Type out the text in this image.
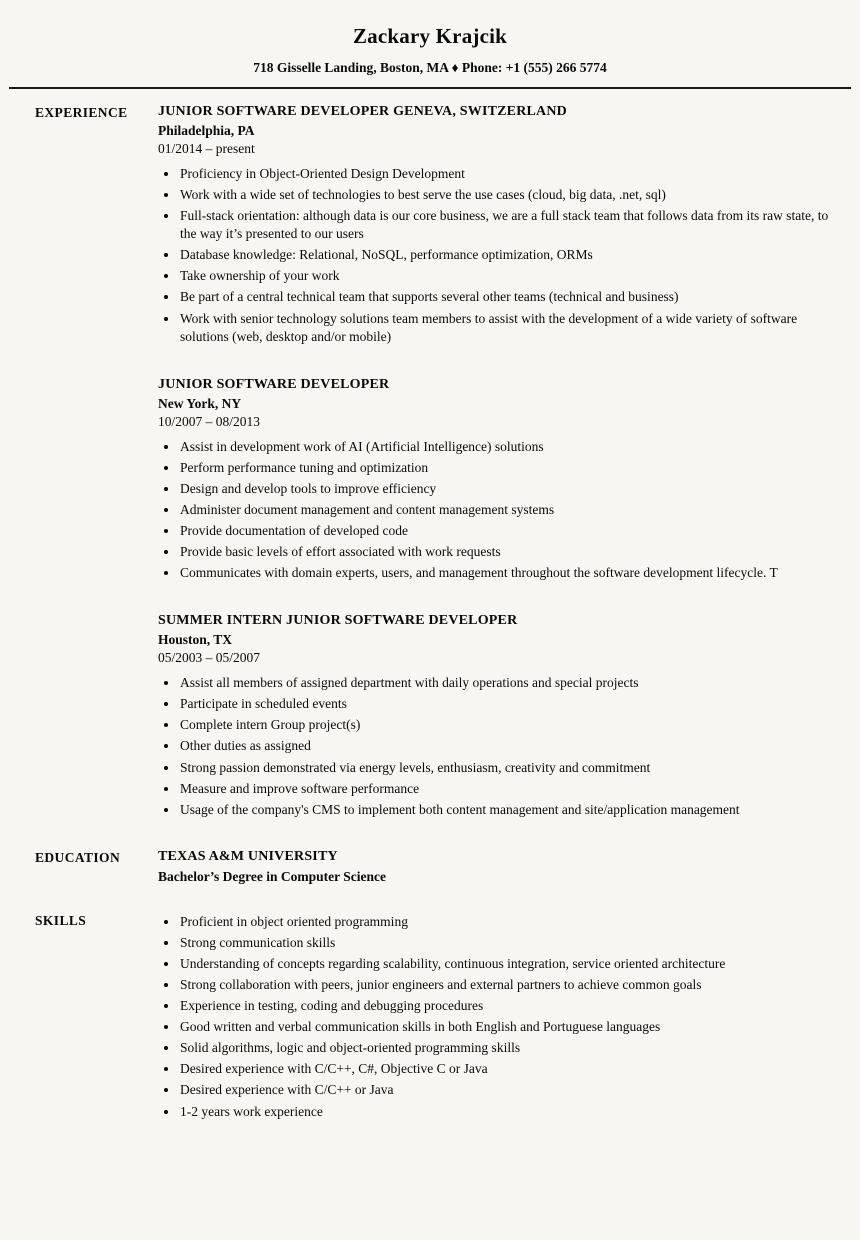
Zackary Krajcik
718 Gisselle Landing, Boston, MA ♦ Phone: +1 (555) 266 5774
EXPERIENCE	JUNIOR SOFTWARE DEVELOPER GENEVA, SWITZERLAND
Philadelphia, PA
01/2014 – present
• Proficiency in Object-Oriented Design Development
• Work with a wide set of technologies to best serve the use cases (cloud, big data, .net, sql)
• Full-stack orientation: although data is our core business, we are a full stack team that follows data from its raw state, to the way it’s presented to our users
• Database knowledge: Relational, NoSQL, performance optimization, ORMs
• Take ownership of your work
• Be part of a central technical team that supports several other teams (technical and business)
• Work with senior technology solutions team members to assist with the development of a wide variety of software solutions (web, desktop and/or mobile)
JUNIOR SOFTWARE DEVELOPER
New York, NY
10/2007 – 08/2013
• Assist in development work of AI (Artificial Intelligence) solutions
• Perform performance tuning and optimization
• Design and develop tools to improve efficiency
• Administer document management and content management systems
• Provide documentation of developed code
• Provide basic levels of effort associated with work requests
• Communicates with domain experts, users, and management throughout the software development lifecycle. T
SUMMER INTERN JUNIOR SOFTWARE DEVELOPER
Houston, TX
05/2003 – 05/2007
• Assist all members of assigned department with daily operations and special projects
• Participate in scheduled events
• Complete intern Group project(s)
• Other duties as assigned
• Strong passion demonstrated via energy levels, enthusiasm, creativity and commitment
• Measure and improve software performance
• Usage of the company's CMS to implement both content management and site/application management
EDUCATION	TEXAS A&M UNIVERSITY
Bachelor’s Degree in Computer Science
SKILLS	• Proficient in object oriented programming
• Strong communication skills
• Understanding of concepts regarding scalability, continuous integration, service oriented architecture
• Strong collaboration with peers, junior engineers and external partners to achieve common goals
• Experience in testing, coding and debugging procedures
• Good written and verbal communication skills in both English and Portuguese languages
• Solid algorithms, logic and object-oriented programming skills
• Desired experience with C/C++, C#, Objective C or Java
• Desired experience with C/C++ or Java
• 1-2 years work experience
